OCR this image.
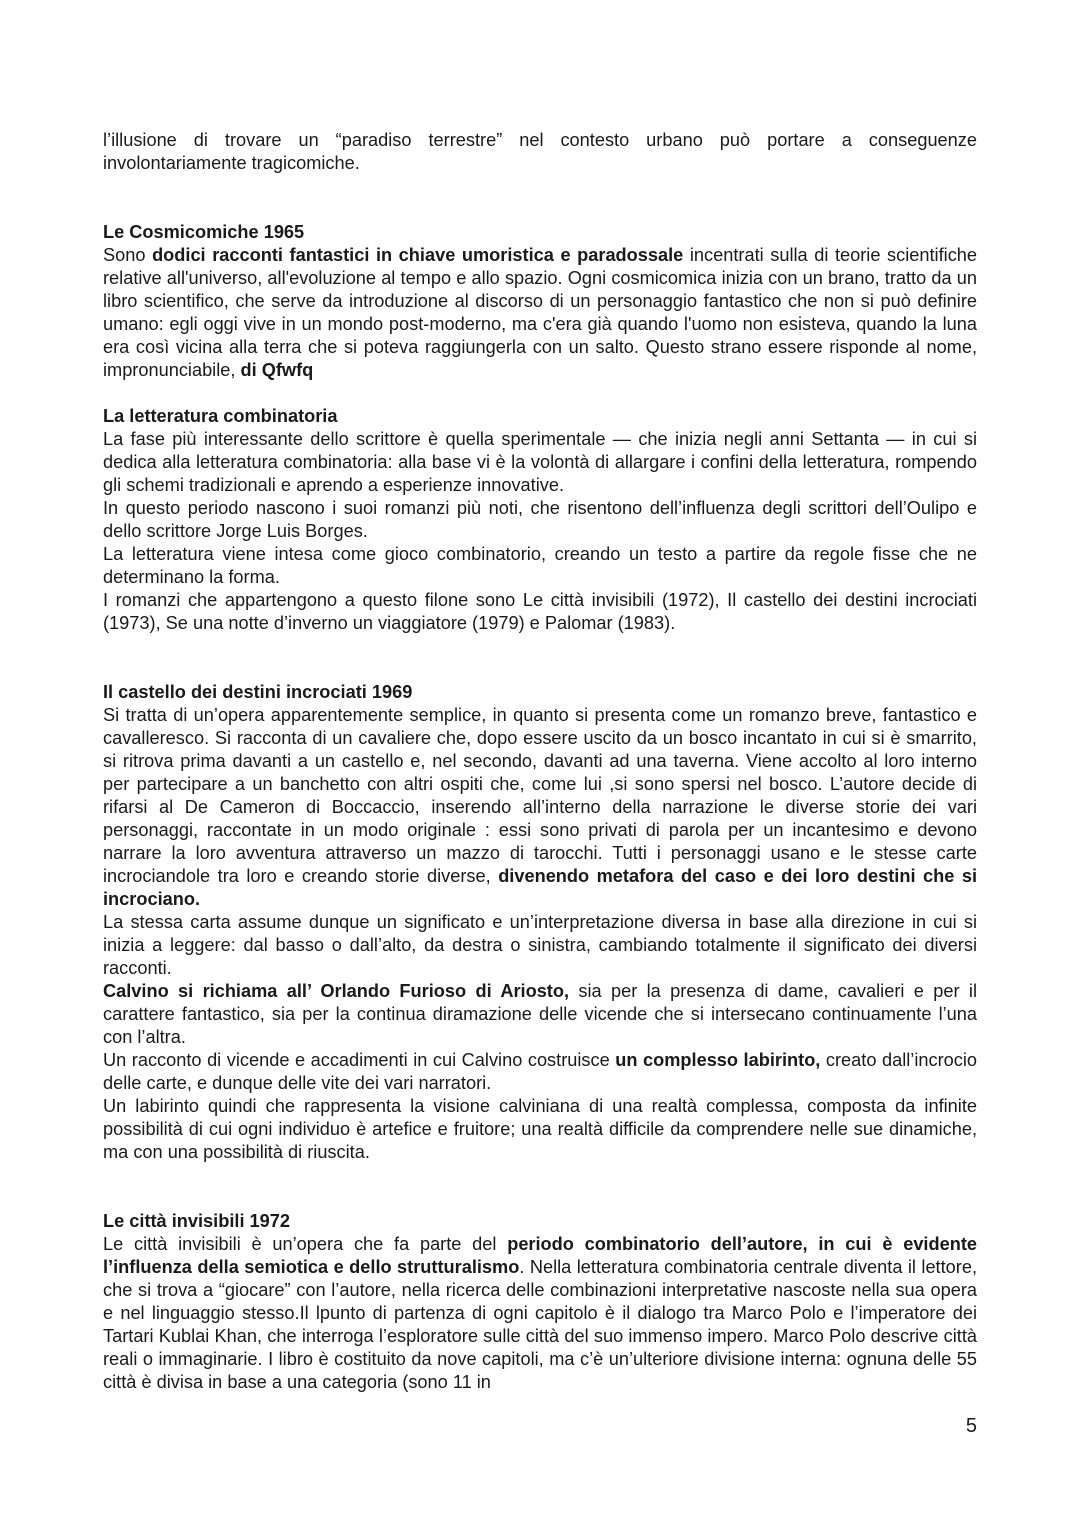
l’illusione di trovare un “paradiso terrestre” nel contesto urbano può portare a conseguenze involontariamente tragicomiche.

Le Cosmicomiche 1965

Sono dodici racconti fantastici in chiave umoristica e paradossale incentrati sulla di teorie scientifiche relative all'universo, all'evoluzione al tempo e allo spazio. Ogni cosmicomica inizia con un brano, tratto da un libro scientifico, che serve da introduzione al discorso di un personaggio fantastico che non si può definire umano: egli oggi vive in un mondo post-moderno, ma c'era già quando l'uomo non esisteva, quando la luna era così vicina alla terra che si poteva raggiungerla con un salto. Questo strano essere risponde al nome, impronunciabile, di Qfwfq

La letteratura combinatoria

La fase più interessante dello scrittore è quella sperimentale — che inizia negli anni Settanta — in cui si dedica alla letteratura combinatoria: alla base vi è la volontà di allargare i confini della letteratura, rompendo gli schemi tradizionali e aprendo a esperienze innovative.

In questo periodo nascono i suoi romanzi più noti, che risentono dell’influenza degli scrittori dell’Oulipo e dello scrittore Jorge Luis Borges.

La letteratura viene intesa come gioco combinatorio, creando un testo a partire da regole fisse che ne determinano la forma.

I romanzi che appartengono a questo filone sono Le città invisibili (1972), Il castello dei destini incrociati (1973), Se una notte d’inverno un viaggiatore (1979) e Palomar (1983).

Il castello dei destini incrociati 1969

Si tratta di un’opera apparentemente semplice, in quanto si presenta come un romanzo breve, fantastico e cavalleresco. Si racconta di un cavaliere che, dopo essere uscito da un bosco incantato in cui si è smarrito, si ritrova prima davanti a un castello e, nel secondo, davanti ad una taverna. Viene accolto al loro interno per partecipare a un banchetto con altri ospiti che, come lui ,si sono spersi nel bosco. L’autore decide di rifarsi al De Cameron di Boccaccio, inserendo all’interno della narrazione le diverse storie dei vari personaggi, raccontate in un modo originale : essi sono privati di parola per un incantesimo e devono narrare la loro avventura attraverso un mazzo di tarocchi. Tutti i personaggi usano e le stesse carte incrociandole tra loro e creando storie diverse, divenendo metafora del caso e dei loro destini che si incrociano.

La stessa carta assume dunque un significato e un’interpretazione diversa in base alla direzione in cui si inizia a leggere: dal basso o dall’alto, da destra o sinistra, cambiando totalmente il significato dei diversi racconti.

Calvino si richiama all’ Orlando Furioso di Ariosto, sia per la presenza di dame, cavalieri e per il carattere fantastico, sia per la continua diramazione delle vicende che si intersecano continuamente l’una con l’altra.

Un racconto di vicende e accadimenti in cui Calvino costruisce un complesso labirinto, creato dall’incrocio delle carte, e dunque delle vite dei vari narratori.

Un labirinto quindi che rappresenta la visione calviniana di una realtà complessa, composta da infinite possibilità di cui ogni individuo è artefice e fruitore; una realtà difficile da comprendere nelle sue dinamiche, ma con una possibilità di riuscita.

Le città invisibili 1972

Le città invisibili è un’opera che fa parte del periodo combinatorio dell’autore, in cui è evidente l’influenza della semiotica e dello strutturalismo. Nella letteratura combinatoria centrale diventa il lettore, che si trova a “giocare” con l’autore, nella ricerca delle combinazioni interpretative nascoste nella sua opera e nel linguaggio stesso.Il lpunto di partenza di ogni capitolo è il dialogo tra Marco Polo e l’imperatore dei Tartari Kublai Khan, che interroga l’esploratore sulle città del suo immenso impero. Marco Polo descrive città reali o immaginarie. I libro è costituito da nove capitoli, ma c’è un’ulteriore divisione interna: ognuna delle 55 città è divisa in base a una categoria (sono 11 in

5
